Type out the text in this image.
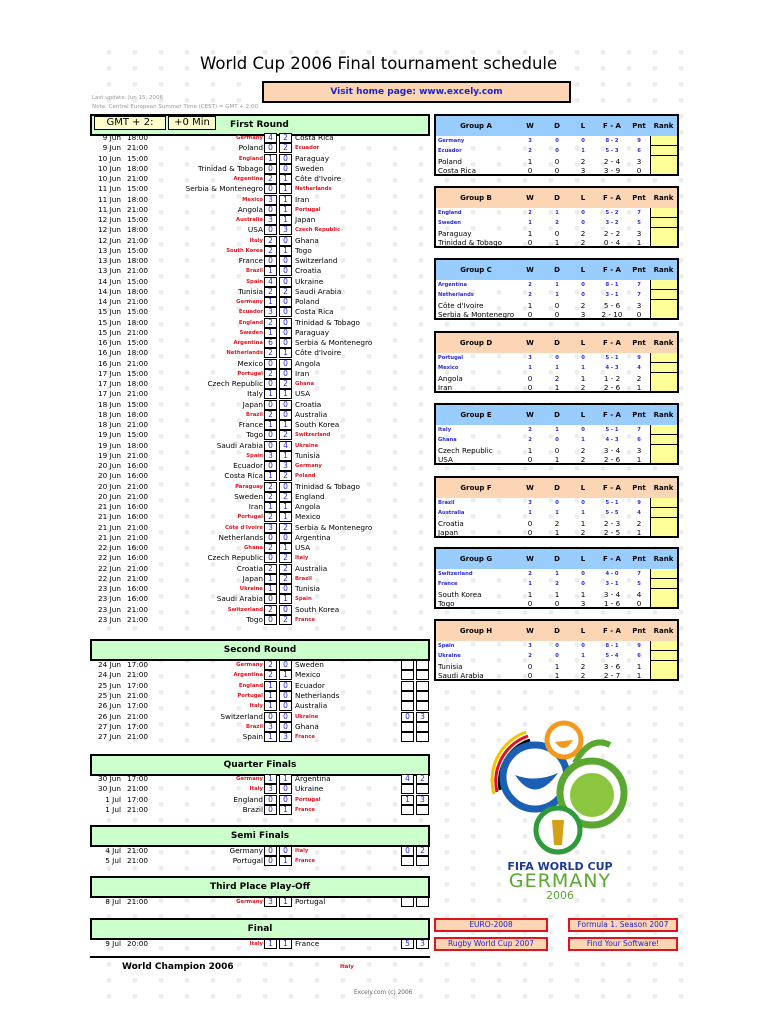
World Cup 2006 Final tournament schedule
Visit home page: www.excely.com
Last update: Jun 15, 2006
Note: Central European Summer Time (CEST) = GMT + 2:00
First Round
GMT + 2:	+0 Min
9 Jun 18:00	Germany 4	2 Costa Rica
9 Jun 21:00	Poland 0	2	Ecuador
10 Jun 15:00	England 1	0 Paraguay
10 Jun 18:00	Trinidad & Tobago 0	0 Sweden
10 Jun 21:00	Argentina 2	1 Côte d'Ivoire
11 Jun 15:00	Serbia & Montenegro 0	1	Netherlands
11 Jun 18:00	Mexico 3	1 Iran
11 Jun 21:00	Angola 0	1	Portugal
12 Jun 15:00	Australia 3	1 Japan
12 Jun 18:00	USA 0	3	Czech Republic
12 Jun 21:00	Italy 2	0 Ghana
13 Jun 15:00	South Korea 2	1 Togo
13 Jun 18:00	France 0	0 Switzerland
13 Jun 21:00	Brazil 1	0 Croatia
14 Jun 15:00	Spain 4	0 Ukraine
14 Jun 18:00	Tunisia 2	2 Saudi Arabia
14 Jun 21:00	Germany 1	0 Poland
15 Jun 15:00	Ecuador 3	0 Costa Rica
15 Jun 18:00	England 2	0 Trinidad & Tobago
15 Jun 21:00	Sweden 1	0 Paraguay
16 Jun 15:00	Argentina 6	0 Serbia & Montenegro
16 Jun 18:00	Netherlands 2	1 Côte d'Ivoire
16 Jun 21:00	Mexico 0	0 Angola
17 Jun 15:00	Portugal 2	0 Iran
17 Jun 18:00	Czech Republic 0	2	Ghana
17 Jun 21:00	Italy 1	1 USA
18 Jun 15:00	Japan 0	0 Croatia
18 Jun 18:00	Brazil 2	0 Australia
18 Jun 21:00	France 1	1 South Korea
19 Jun 15:00	Togo 0	2	Switzerland
19 Jun 18:00	Saudi Arabia 0	4	Ukraine
19 Jun 21:00	Spain 3	1 Tunisia
20 Jun 16:00	Ecuador 0	3	Germany
20 Jun 16:00	Costa Rica 1	2	Poland
20 Jun 21:00	Paraguay 2	0 Trinidad & Tobago
20 Jun 21:00	Sweden 2	2 England
21 Jun 16:00	Iran 1	1 Angola
21 Jun 16:00	Portugal 2	1 Mexico
21 Jun 21:00	Côte d'Ivoire 3	2 Serbia & Montenegro
21 Jun 21:00	Netherlands 0	0 Argentina
22 Jun 16:00	Ghana 2	1 USA
22 Jun 16:00	Czech Republic 0	2	Italy
22 Jun 21:00	Croatia 2	2 Australia
22 Jun 21:00	Japan 1	2	Brazil
23 Jun 16:00	Ukraine 1	0 Tunisia
23 Jun 16:00	Saudi Arabia 0	1	Spain
23 Jun 21:00	Switzerland 2	0 South Korea
23 Jun 21:00	Togo 0	2	France
Second Round
24 Jun 17:00	Germany 2	0 Sweden
24 Jun 21:00	Argentina 2	1 Mexico
25 Jun 17:00	England 1	0 Ecuador
25 Jun 21:00	Portugal 1	0 Netherlands
26 Jun 17:00	Italy 1	0 Australia
26 Jun 21:00	Switzerland 0	0	Ukraine	0	3
27 Jun 17:00	Brazil 3	0 Ghana
27 Jun 21:00	Spain 1	3	France
Quarter Finals
30 Jun 17:00	Germany 1	1 Argentina	4	2
30 Jun 21:00	Italy 3	0 Ukraine
1 Jul 17:00	England 0	0	Portugal	1	3
1 Jul 21:00	Brazil 0	1	France
Semi Finals
4 Jul 21:00	Germany 0	0	Italy	0	2
5 Jul 21:00	Portugal 0	1	France
Third Place Play-Off
8 Jul 21:00	Germany 3	1 Portugal
Final
9 Jul 20:00	Italy 1	1 France	5	3
World Champion 2006	Italy
Group A	W	D	L	F - A	Pnt	Rank
Germany	3	0	0	8 - 2	9
Ecuador	2	0	1	5 - 3	6
Poland	1	0	2	2 - 4	3
Costa Rica	0	0	3	3 - 9	0
Group B	W	D	L	F - A	Pnt	Rank
England	2	1	0	5 - 2	7
Sweden	1	2	0	3 - 2	5
Paraguay	1	0	2	2 - 2	3
Trinidad & Tobago	0	1	2	0 - 4	1
Group C	W	D	L	F - A	Pnt	Rank
Argentina	2	1	0	8 - 1	7
Netherlands	2	1	0	3 - 1	7
Côte d'Ivoire	1	0	2	5 - 6	3
Serbia & Montenegro	0	0	3	2 - 10	0
Group D	W	D	L	F - A	Pnt	Rank
Portugal	3	0	0	5 - 1	9
Mexico	1	1	1	4 - 3	4
Angola	0	2	1	1 - 2	2
Iran	0	1	2	2 - 6	1
Group E	W	D	L	F - A	Pnt	Rank
Italy	2	1	0	5 - 1	7
Ghana	2	0	1	4 - 3	6
Czech Republic	1	0	2	3 - 4	3
USA	0	1	2	2 - 6	1
Group F	W	D	L	F - A	Pnt	Rank
Brazil	3	0	0	5 - 1	9
Australia	1	1	1	5 - 5	4
Croatia	0	2	1	2 - 3	2
Japan	0	1	2	2 - 5	1
Group G	W	D	L	F - A	Pnt	Rank
Switzerland	2	1	0	4 - 0	7
France	1	2	0	3 - 1	5
South Korea	1	1	1	3 - 4	4
Togo	0	0	3	1 - 6	0
Group H	W	D	L	F - A	Pnt	Rank
Spain	3	0	0	8 - 1	9
Ukraine	2	0	1	5 - 4	6
Tunisia	0	1	2	3 - 6	1
Saudi Arabia	0	1	2	2 - 7	1
FIFA WORLD CUP
GERMANY
2006
EURO-2008	Formula 1. Season 2007
Rugby World Cup 2007	Find Your Software!
Excely.com (c) 2006
